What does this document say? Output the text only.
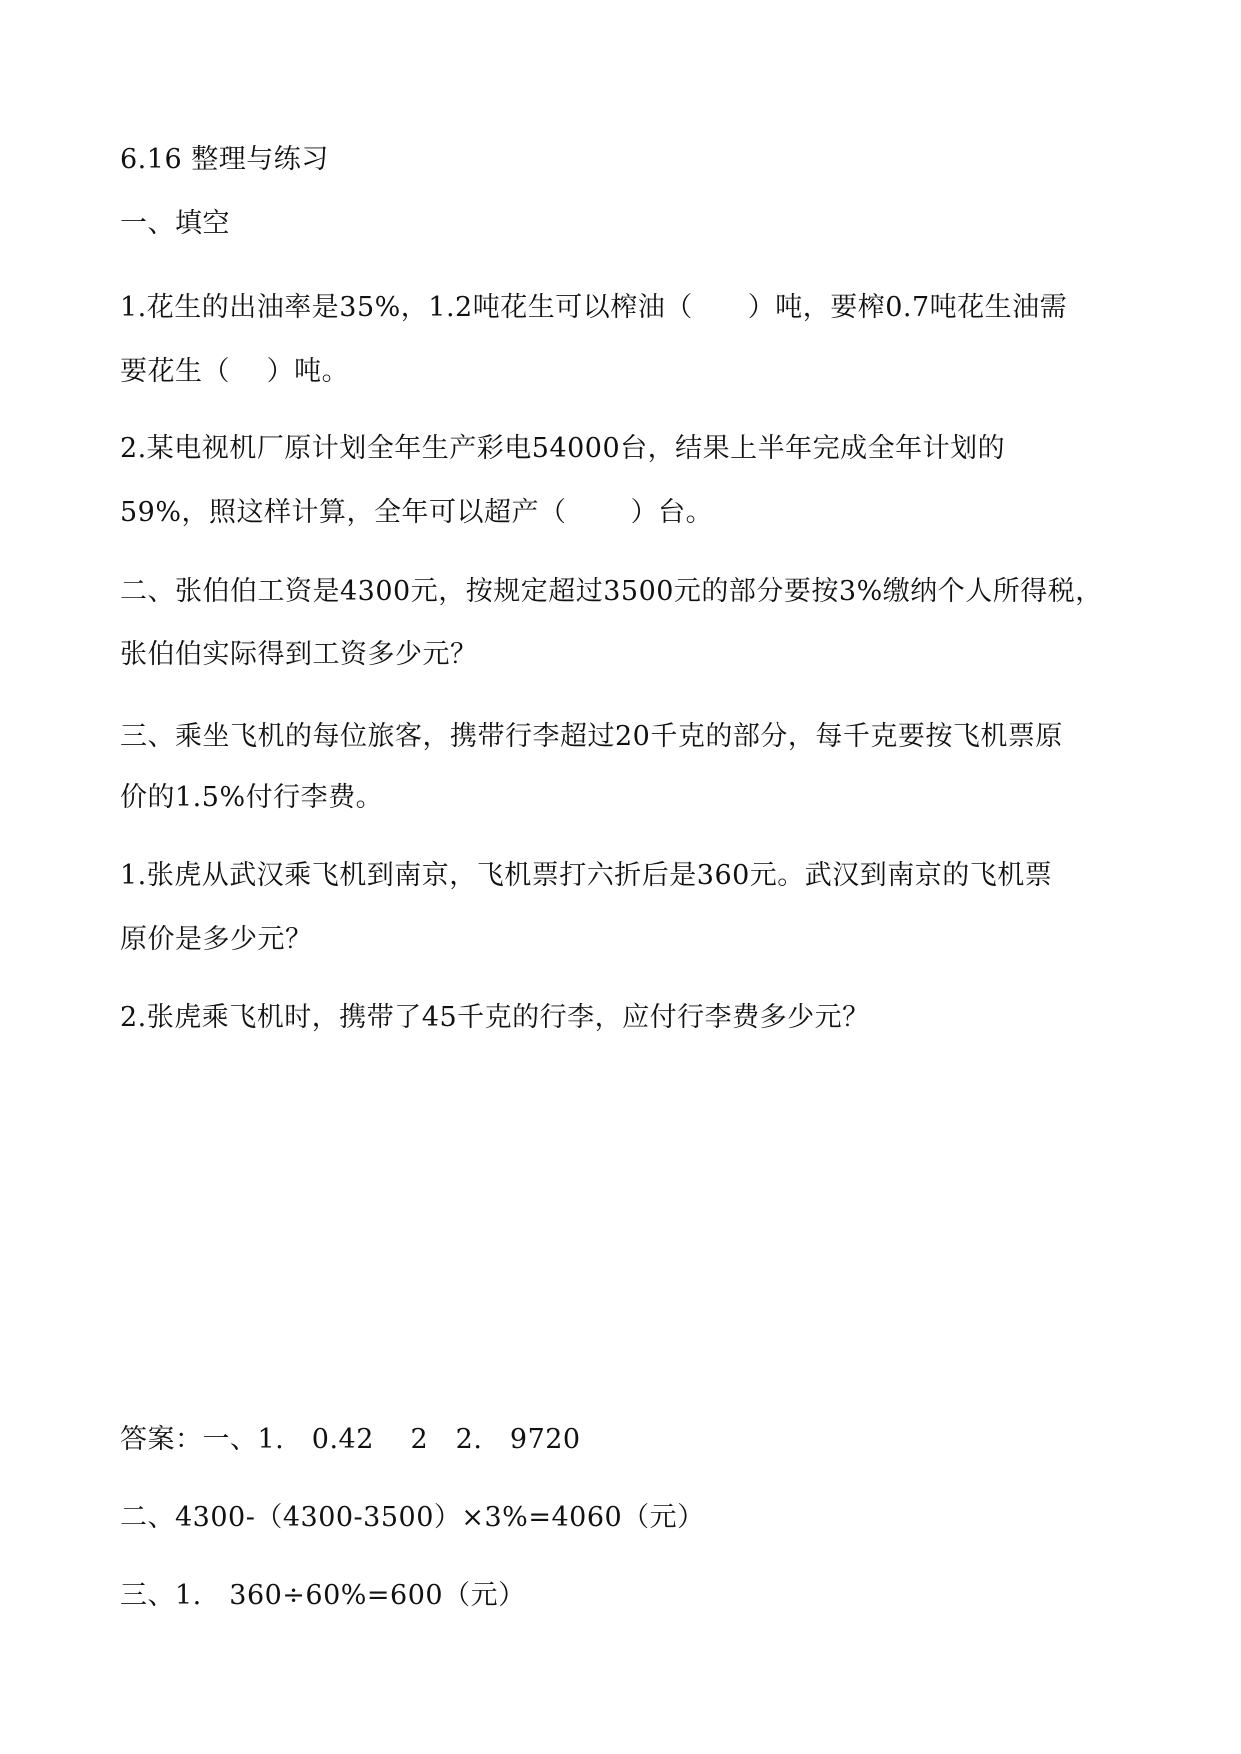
6.16 整理与练习
一、填空
1.花生的出油率是35%，1.2吨花生可以榨油（　　）吨，要榨0.7吨花生油需
要花生（　 ）吨。
2.某电视机厂原计划全年生产彩电54000台，结果上半年完成全年计划的
59%，照这样计算，全年可以超产（　　 ）台。
二、张伯伯工资是4300元，按规定超过3500元的部分要按3%缴纳个人所得税，
张伯伯实际得到工资多少元？
三、乘坐飞机的每位旅客，携带行李超过20千克的部分，每千克要按飞机票原
价的1.5%付行李费。
1.张虎从武汉乘飞机到南京，飞机票打六折后是360元。武汉到南京的飞机票
原价是多少元？
2.张虎乘飞机时，携带了45千克的行李，应付行李费多少元？
答案：一、1.　0.42　 2　2.　9720
二、4300-（4300-3500）×3%=4060（元）
三、1.　360÷60%=600（元）
